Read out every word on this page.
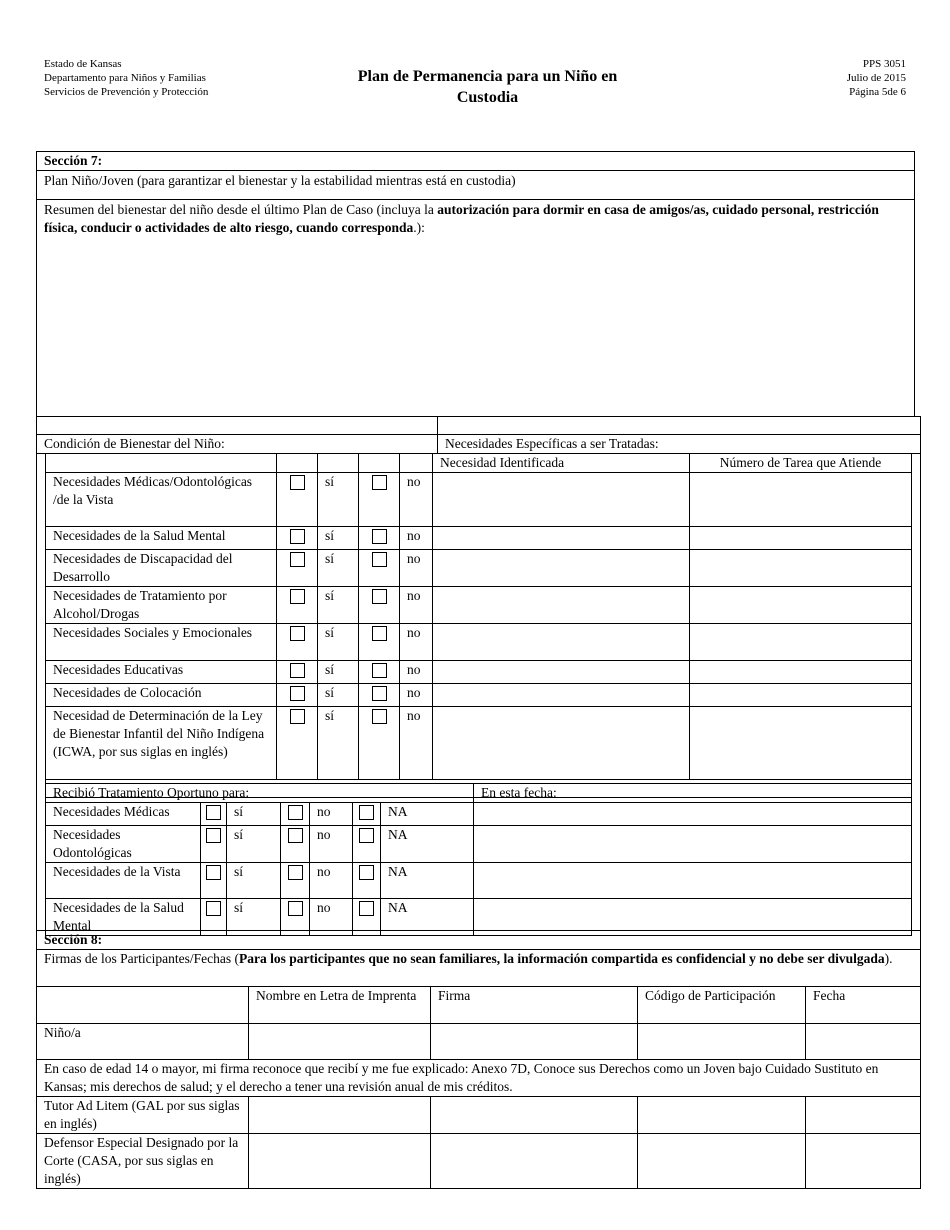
Estado de Kansas
Departamento para Niños y Familias
Servicios de Prevención y Protección
Plan de Permanencia para un Niño en
Custodia
PPS 3051
Julio de 2015
Página 5de 6
Sección 7:
Plan Niño/Joven (para garantizar el bienestar y la estabilidad mientras está en custodia)
Resumen del bienestar del niño desde el último Plan de Caso (incluya la autorización para dormir en casa de amigos/as, cuidado personal, restricción física, conducir o actividades de alto riesgo, cuando corresponda.):

Condición de Bienestar del Niño:	Necesidades Específicas a ser Tratadas:
					Necesidad Identificada	Número de Tarea que Atiende
Necesidades Médicas/Odontológicas /de la Vista		sí		no		
Necesidades de la Salud Mental		sí		no		
Necesidades de Discapacidad del Desarrollo		sí		no		
Necesidades de Tratamiento por Alcohol/Drogas		sí		no		
Necesidades Sociales y Emocionales		sí		no		
Necesidades Educativas		sí		no		
Necesidades de Colocación		sí		no		
Necesidad de Determinación de la Ley de Bienestar Infantil del Niño Indígena (ICWA, por sus siglas en inglés)		sí		no		

Recibió Tratamiento Oportuno para:							En esta fecha:
Necesidades Médicas		sí		no		NA	
Necesidades Odontológicas		sí		no		NA	
Necesidades de la Vista		sí		no		NA	
Necesidades de la Salud Mental		sí		no		NA	
Sección 8:				
Firmas de los Participantes/Fechas (Para los participantes que no sean familiares, la información compartida es confidencial y no debe ser divulgada).				
	Nombre en Letra de Imprenta	Firma	Código de Participación	Fecha
Niño/a				
En caso de edad 14 o mayor, mi firma reconoce que recibí y me fue explicado: Anexo 7D, Conoce sus Derechos como un Joven bajo Cuidado Sustituto en Kansas; mis derechos de salud; y el derecho a tener una revisión anual de mis créditos.				
Tutor Ad Litem (GAL por sus siglas en inglés)				
Defensor Especial Designado por la Corte (CASA, por sus siglas en inglés)				
